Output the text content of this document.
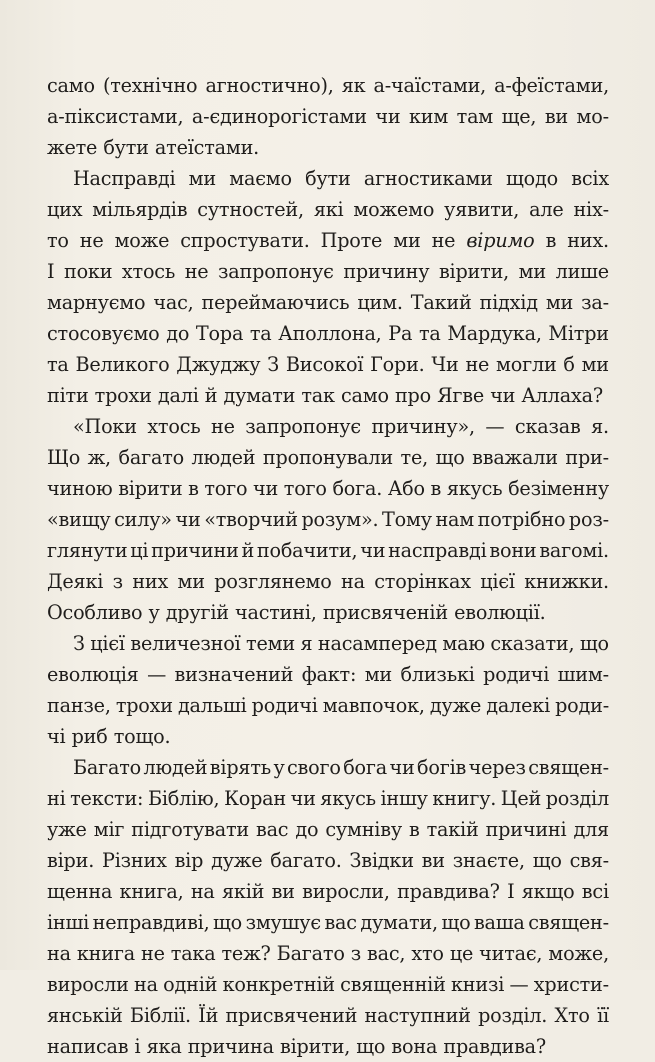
само (технічно агностично), як а-чаїстами, а-феїстами,
а-піксистами, а-єдинорогістами чи ким там ще, ви мо-
жете бути атеїстами.
Насправді ми маємо бути агностиками щодо всіх
цих мільярдів сутностей, які можемо уявити, але ніх-
то не може спростувати. Проте ми не вiримо в них.
І поки хтось не запропонує причину вірити, ми лише
марнуємо час, переймаючись цим. Такий підхід ми за-
стосовуємо до Тора та Аполлона, Ра та Мардука, Мітри
та Великого Джуджу З Високої Гори. Чи не могли б ми
піти трохи далі й думати так само про Ягве чи Аллаха?
«Поки хтось не запропонує причину», — сказав я.
Що ж, багато людей пропонували те, що вважали при-
чиною вірити в того чи того бога. Або в якусь безіменну
«вищу силу» чи «творчий розум». Тому нам потрібно роз-
глянути ці причини й побачити, чи насправді вони вагомі.
Деякі з них ми розглянемо на сторінках цієї книжки.
Особливо у другій частині, присвяченій еволюції.
З цієї величезної теми я насамперед маю сказати, що
еволюція — визначений факт: ми близькі родичі шим-
панзе, трохи дальші родичі мавпочок, дуже далекі роди-
чі риб тощо.
Багато людей вірять у свого бога чи богів через священ-
ні тексти: Біблію, Коран чи якусь іншу книгу. Цей розділ
уже міг підготувати вас до сумніву в такій причині для
віри. Різних вір дуже багато. Звідки ви знаєте, що свя-
щенна книга, на якій ви виросли, правдива? І якщо всі
інші неправдиві, що змушує вас думати, що ваша священ-
на книга не така теж? Багато з вас, хто це читає, може,
виросли на одній конкретній священній книзі — христи-
янській Біблії. Їй присвячений наступний розділ. Хто її
написав і яка причина вірити, що вона правдива?
